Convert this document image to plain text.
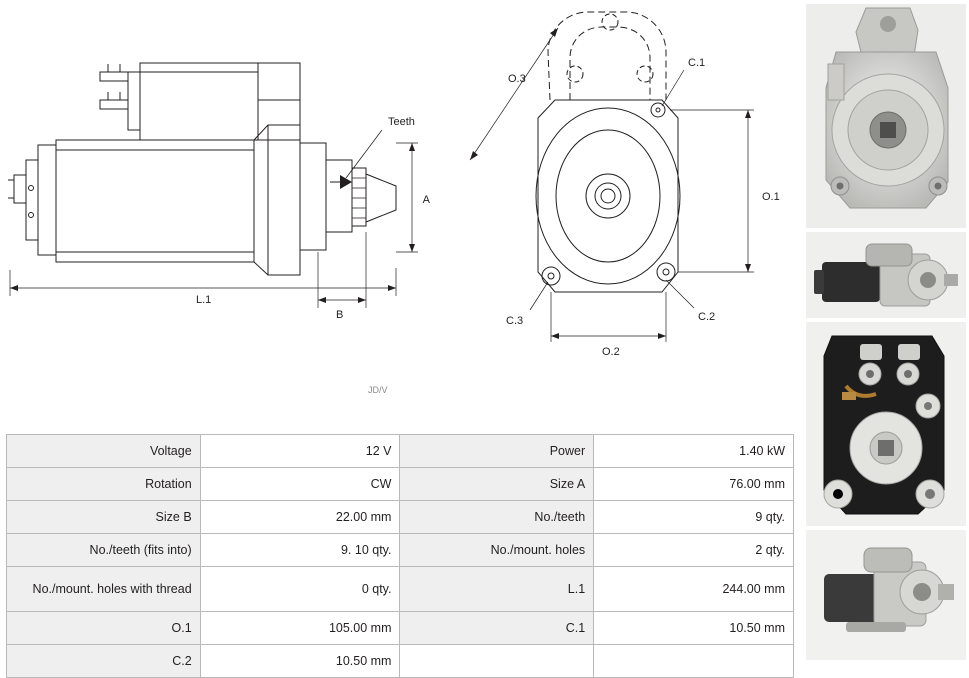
Teeth
A
L.1
B
JD/V
O.3
O.1
O.2
C.1
C.2
C.3
Voltage	12 V	Power	1.40 kW
Rotation	CW	Size A	76.00 mm
Size B	22.00 mm	No./teeth	9 qty.
No./teeth (fits into)	9. 10 qty.	No./mount. holes	2 qty.
No./mount. holes with thread	0 qty.	L.1	244.00 mm
O.1	105.00 mm	C.1	10.50 mm
C.2	10.50 mm		
